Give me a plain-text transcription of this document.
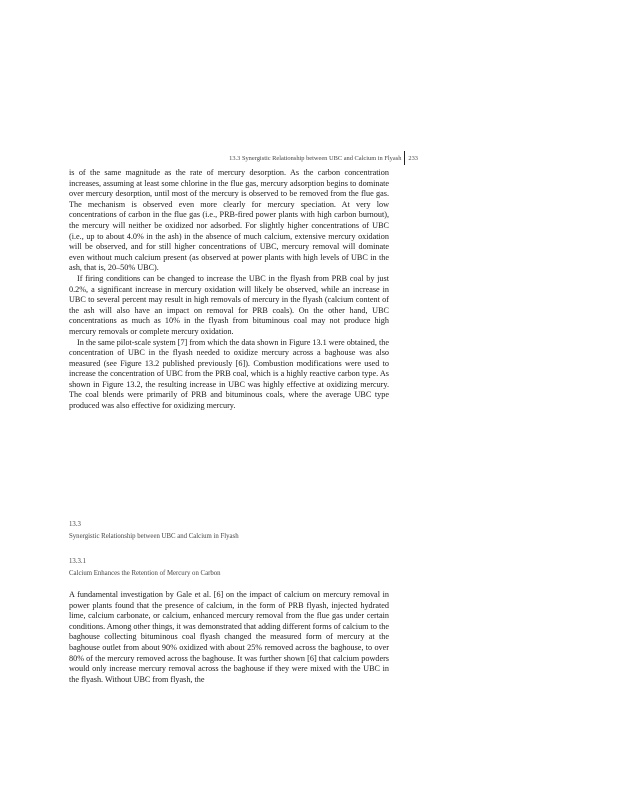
13.3 Synergistic Relationship between UBC and Calcium in Flyash	233

is of the same magnitude as the rate of mercury desorption. As the carbon concentration increases, assuming at least some chlorine in the flue gas, mercury adsorption begins to dominate over mercury desorption, until most of the mercury is observed to be removed from the flue gas. The mechanism is observed even more clearly for mercury speciation. At very low concentrations of carbon in the flue gas (i.e., PRB-fired power plants with high carbon burnout), the mercury will neither be oxidized nor adsorbed. For slightly higher concentrations of UBC (i.e., up to about 4.0% in the ash) in the absence of much calcium, extensive mercury oxidation will be observed, and for still higher concentrations of UBC, mercury removal will dominate even without much calcium present (as observed at power plants with high levels of UBC in the ash, that is, 20–50% UBC).

If firing conditions can be changed to increase the UBC in the flyash from PRB coal by just 0.2%, a significant increase in mercury oxidation will likely be observed, while an increase in UBC to several percent may result in high removals of mercury in the flyash (calcium content of the ash will also have an impact on removal for PRB coals). On the other hand, UBC concentrations as much as 10% in the flyash from bituminous coal may not produce high mercury removals or complete mercury oxidation.

In the same pilot-scale system [7] from which the data shown in Figure 13.1 were obtained, the concentration of UBC in the flyash needed to oxidize mercury across a baghouse was also measured (see Figure 13.2 published previously [6]). Combustion modifications were used to increase the concentration of UBC from the PRB coal, which is a highly reactive carbon type. As shown in Figure 13.2, the resulting increase in UBC was highly effective at oxidizing mercury. The coal blends were primarily of PRB and bituminous coals, where the average UBC type produced was also effective for oxidizing mercury.

13.3
Synergistic Relationship between UBC and Calcium in Flyash
13.3.1
Calcium Enhances the Retention of Mercury on Carbon

A fundamental investigation by Gale et al. [6] on the impact of calcium on mercury removal in power plants found that the presence of calcium, in the form of PRB flyash, injected hydrated lime, calcium carbonate, or calcium, enhanced mercury removal from the flue gas under certain conditions. Among other things, it was demonstrated that adding different forms of calcium to the baghouse collecting bituminous coal flyash changed the measured form of mercury at the baghouse outlet from about 90% oxidized with about 25% removed across the baghouse, to over 80% of the mercury removed across the baghouse. It was further shown [6] that calcium powders would only increase mercury removal across the baghouse if they were mixed with the UBC in the flyash. Without UBC from flyash, the
